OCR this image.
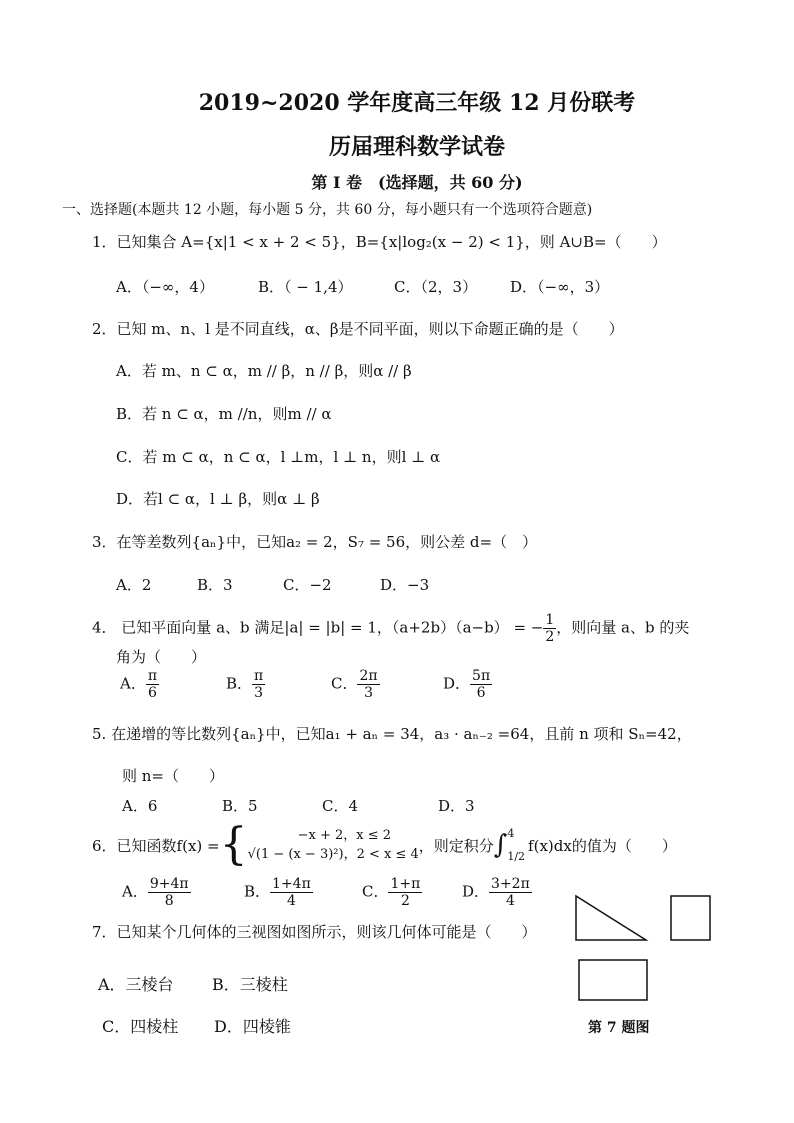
2019~2020 学年度高三年级 12 月份联考
历届理科数学试卷
第 Ⅰ 卷　(选择题，共 60 分)
一、选择题(本题共 12 小题，每小题 5 分，共 60 分，每小题只有一个选项符合题意)
1．已知集合 A={x|1 < x + 2 < 5}，B={x|log₂(x − 2) < 1}，则 A∪B=（　　）
A．（−∞，4）	B．（ − 1,4）	C．（2，3） D．（−∞，3）
2．已知 m、n、l 是不同直线，α、β是不同平面，则以下命题正确的是（　　）
A．若 m、n ⊂ α，m // β，n // β，则α // β
B．若 n ⊂ α，m //n，则m // α
C．若 m ⊂ α，n ⊂ α，l ⊥m，l ⊥ n，则l ⊥ α
D．若l ⊂ α，l ⊥ β，则α ⊥ β
3．在等差数列{aₙ}中，已知a₂ = 2，S₇ = 56，则公差 d=（　）
A．2	B．3	C．−2	D．−3
4． 已知平面向量 a、b 满足|a| = |b| = 1，（a+2b）（a−b） = − $\frac{1}{2}$ ，则向量 a、b 的夹
角为（　　）
A． $\frac{\pi}{6}$	B． $\frac{\pi}{3}$	C． $\frac{2\pi}{3}$	D． $\frac{5\pi}{6}$
5. 在递增的等比数列{aₙ}中，已知a₁ + aₙ = 34，a₃ · aₙ₋₂ =64，且前 n 项和 Sₙ=42，
则 n=（　　）
A．6	B．5	C．4	D．3
6．已知函数f(x) = {	−x + 2，x ≤ 2
√(1 − (x − 3)²)，2 < x ≤ 4 ，则定积分 ∫ 4
1/2
f(x)dx的值为（　　）
A． $\frac{9+4\pi}{8}$	B． $\frac{1+4\pi}{4}$	C． $\frac{1+\pi}{2}$	D． $\frac{3+2\pi}{4}$
7．已知某个几何体的三视图如图所示，则该几何体可能是（　　）
A．三棱台 B．三棱柱
C．四棱柱 D．四棱锥	第 7 题图
